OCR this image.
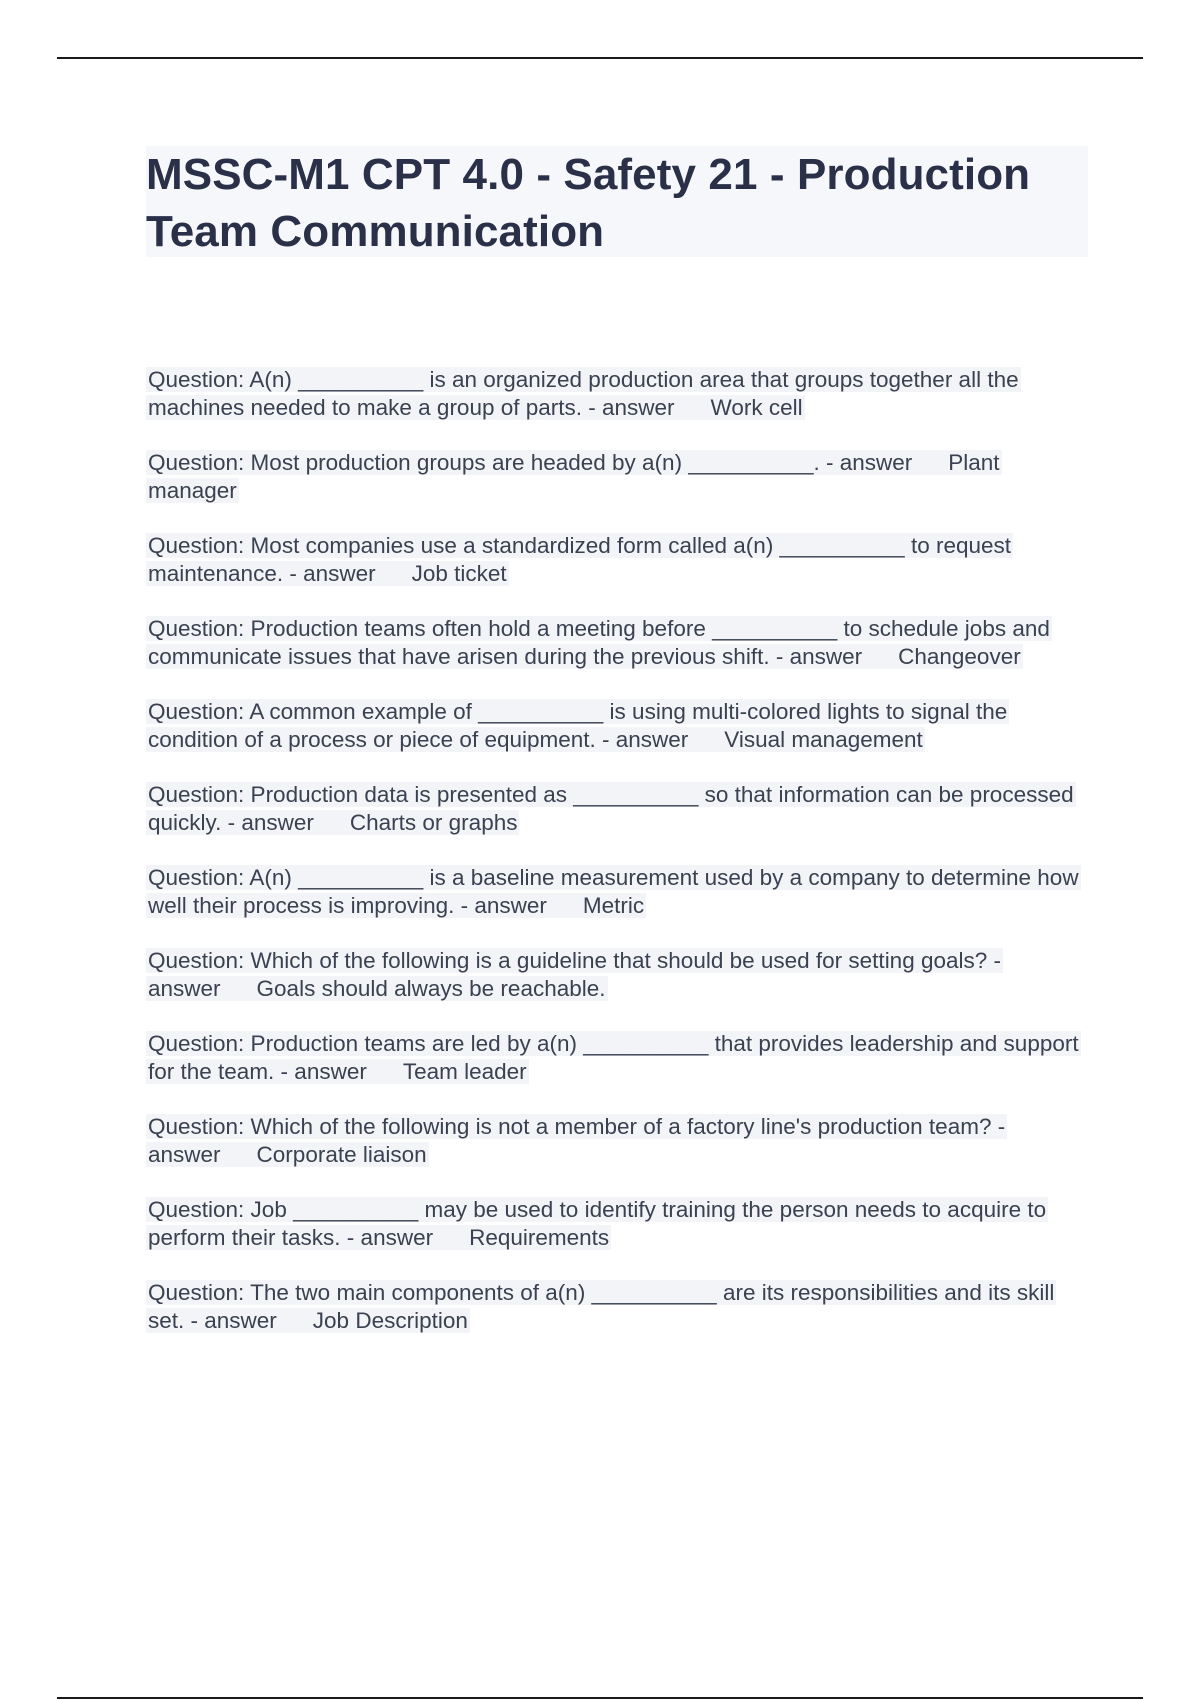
MSSC-M1 CPT 4.0 - Safety 21 - Production Team Communication

Question: A(n) __________ is an organized production area that groups together all the machines needed to make a group of parts. - answer Work cell

Question: Most production groups are headed by a(n) __________. - answer Plant manager

Question: Most companies use a standardized form called a(n) __________ to request maintenance. - answer Job ticket

Question: Production teams often hold a meeting before __________ to schedule jobs and communicate issues that have arisen during the previous shift. - answer Changeover

Question: A common example of __________ is using multi-colored lights to signal the condition of a process or piece of equipment. - answer Visual management

Question: Production data is presented as __________ so that information can be processed quickly. - answer Charts or graphs

Question: A(n) __________ is a baseline measurement used by a company to determine how well their process is improving. - answer Metric

Question: Which of the following is a guideline that should be used for setting goals? - answer Goals should always be reachable.

Question: Production teams are led by a(n) __________ that provides leadership and support for the team. - answer Team leader

Question: Which of the following is not a member of a factory line's production team? - answer Corporate liaison

Question: Job __________ may be used to identify training the person needs to acquire to perform their tasks. - answer Requirements

Question: The two main components of a(n) __________ are its responsibilities and its skill set. - answer Job Description
